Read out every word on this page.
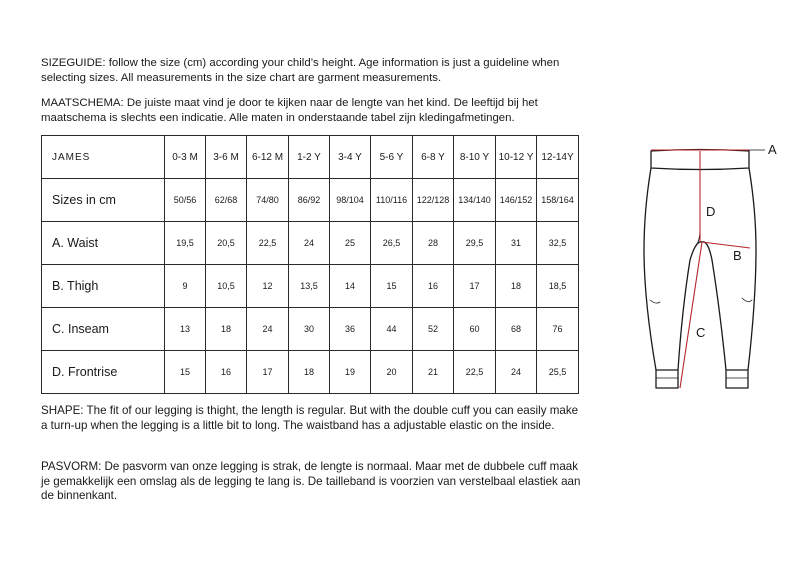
SIZEGUIDE: follow the size (cm) according your child’s height. Age information is just a guideline when selecting sizes. All measurements in the size chart are garment measurements.

MAATSCHEMA: De juiste maat vind je door te kijken naar de lengte van het kind. De leeftijd bij het maatschema is slechts een indicatie. Alle maten in onderstaande tabel zijn kledingafmetingen.

JAMES	0-3 M	3-6 M	6-12 M	1-2 Y	3-4 Y	5-6 Y	6-8 Y	8-10 Y	10-12 Y	12-14Y
Sizes in cm	50/56	62/68	74/80	86/92	98/104	110/116	122/128	134/140	146/152	158/164
A. Waist	19,5	20,5	22,5	24	25	26,5	28	29,5	31	32,5
B. Thigh	9	10,5	12	13,5	14	15	16	17	18	18,5
C. Inseam	13	18	24	30	36	44	52	60	68	76
D. Frontrise	15	16	17	18	19	20	21	22,5	24	25,5
A
D
B
C

SHAPE: The fit of our legging is thight, the length is regular. But with the double cuff you can easily make a turn-up when the legging is a little bit to long. The waistband has a adjustable elastic on the inside.

PASVORM: De pasvorm van onze legging is strak, de lengte is normaal. Maar met de dubbele cuff maak je gemakkelijk een omslag als de legging te lang is. De tailleband is voorzien van verstelbaal elastiek aan de binnenkant.
